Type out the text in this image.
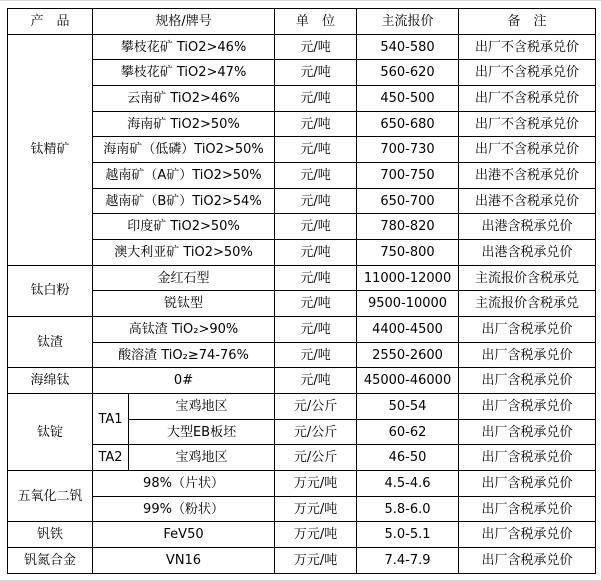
产　品	规格/牌号		单　位	主流报价	备　注
钛精矿	攀枝花矿 TiO2>46%		元/吨	540-580	出厂不含税承兑价
	攀枝花矿 TiO2>47%		元/吨	560-620	出厂不含税承兑价
	云南矿 TiO2>46%		元/吨	450-500	出厂不含税承兑价
	海南矿 TiO2>50%		元/吨	650-680	出厂不含税承兑价
	海南矿（低磷）TiO2>50%		元/吨	700-730	出厂不含税承兑价
	越南矿（A矿）TiO2>50%		元/吨	700-750	出港不含税承兑价
	越南矿（B矿）TiO2>54%		元/吨	650-700	出港不含税承兑价
	印度矿 TiO2>50%		元/吨	780-820	出港含税承兑价
	澳大利亚矿 TiO2>50%		元/吨	750-800	出港含税承兑价
钛白粉	金红石型		元/吨	11000-12000	主流报价含税承兑
	锐钛型		元/吨	9500-10000	主流报价含税承兑
钛渣	高钛渣 TiO₂>90%		元/吨	4400-4500	出厂含税承兑价
	酸溶渣 TiO₂≥74-76%		元/吨	2550-2600	出厂含税承兑价
海绵钛	0#		元/吨	45000-46000	出厂含税承兑价
钛锭	TA1	宝鸡地区	元/公斤	50-54	出厂含税承兑价
		大型EB板坯	元/公斤	60-62	出厂含税承兑价
	TA2	宝鸡地区	元/公斤	46-50	出厂含税承兑价
五氧化二钒	98%（片状）		万元/吨	4.5-4.6	出厂含税承兑价
	99%（粉状）		万元/吨	5.8-6.0	出厂含税承兑价
钒铁	FeV50		万元/吨	5.0-5.1	出厂含税承兑价
钒氮合金	VN16		万元/吨	7.4-7.9	出厂含税承兑价
